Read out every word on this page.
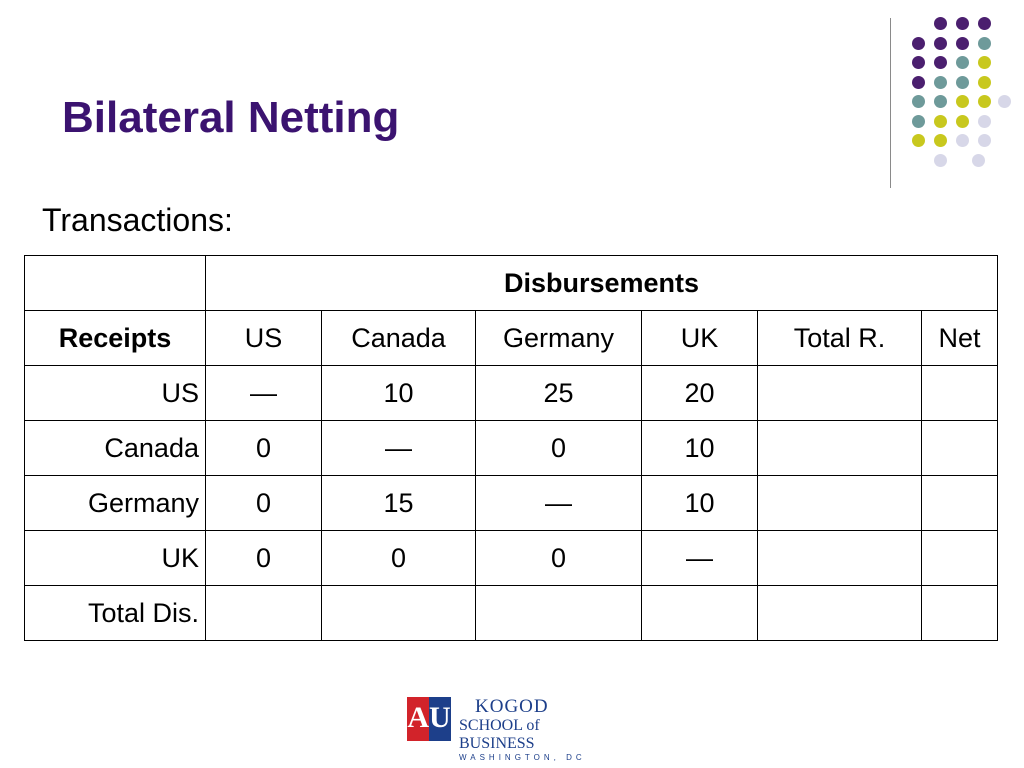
Bilateral Netting
Transactions:
	Disbursements					
Receipts	US	Canada	Germany	UK	Total R.	Net
US	—	10	25	20		
Canada	0	—	0	10		
Germany	0	15	—	10		
UK	0	0	0	—		
Total Dis.						
AU	KOGOD
SCHOOL of BUSINESS
WASHINGTON, DC
